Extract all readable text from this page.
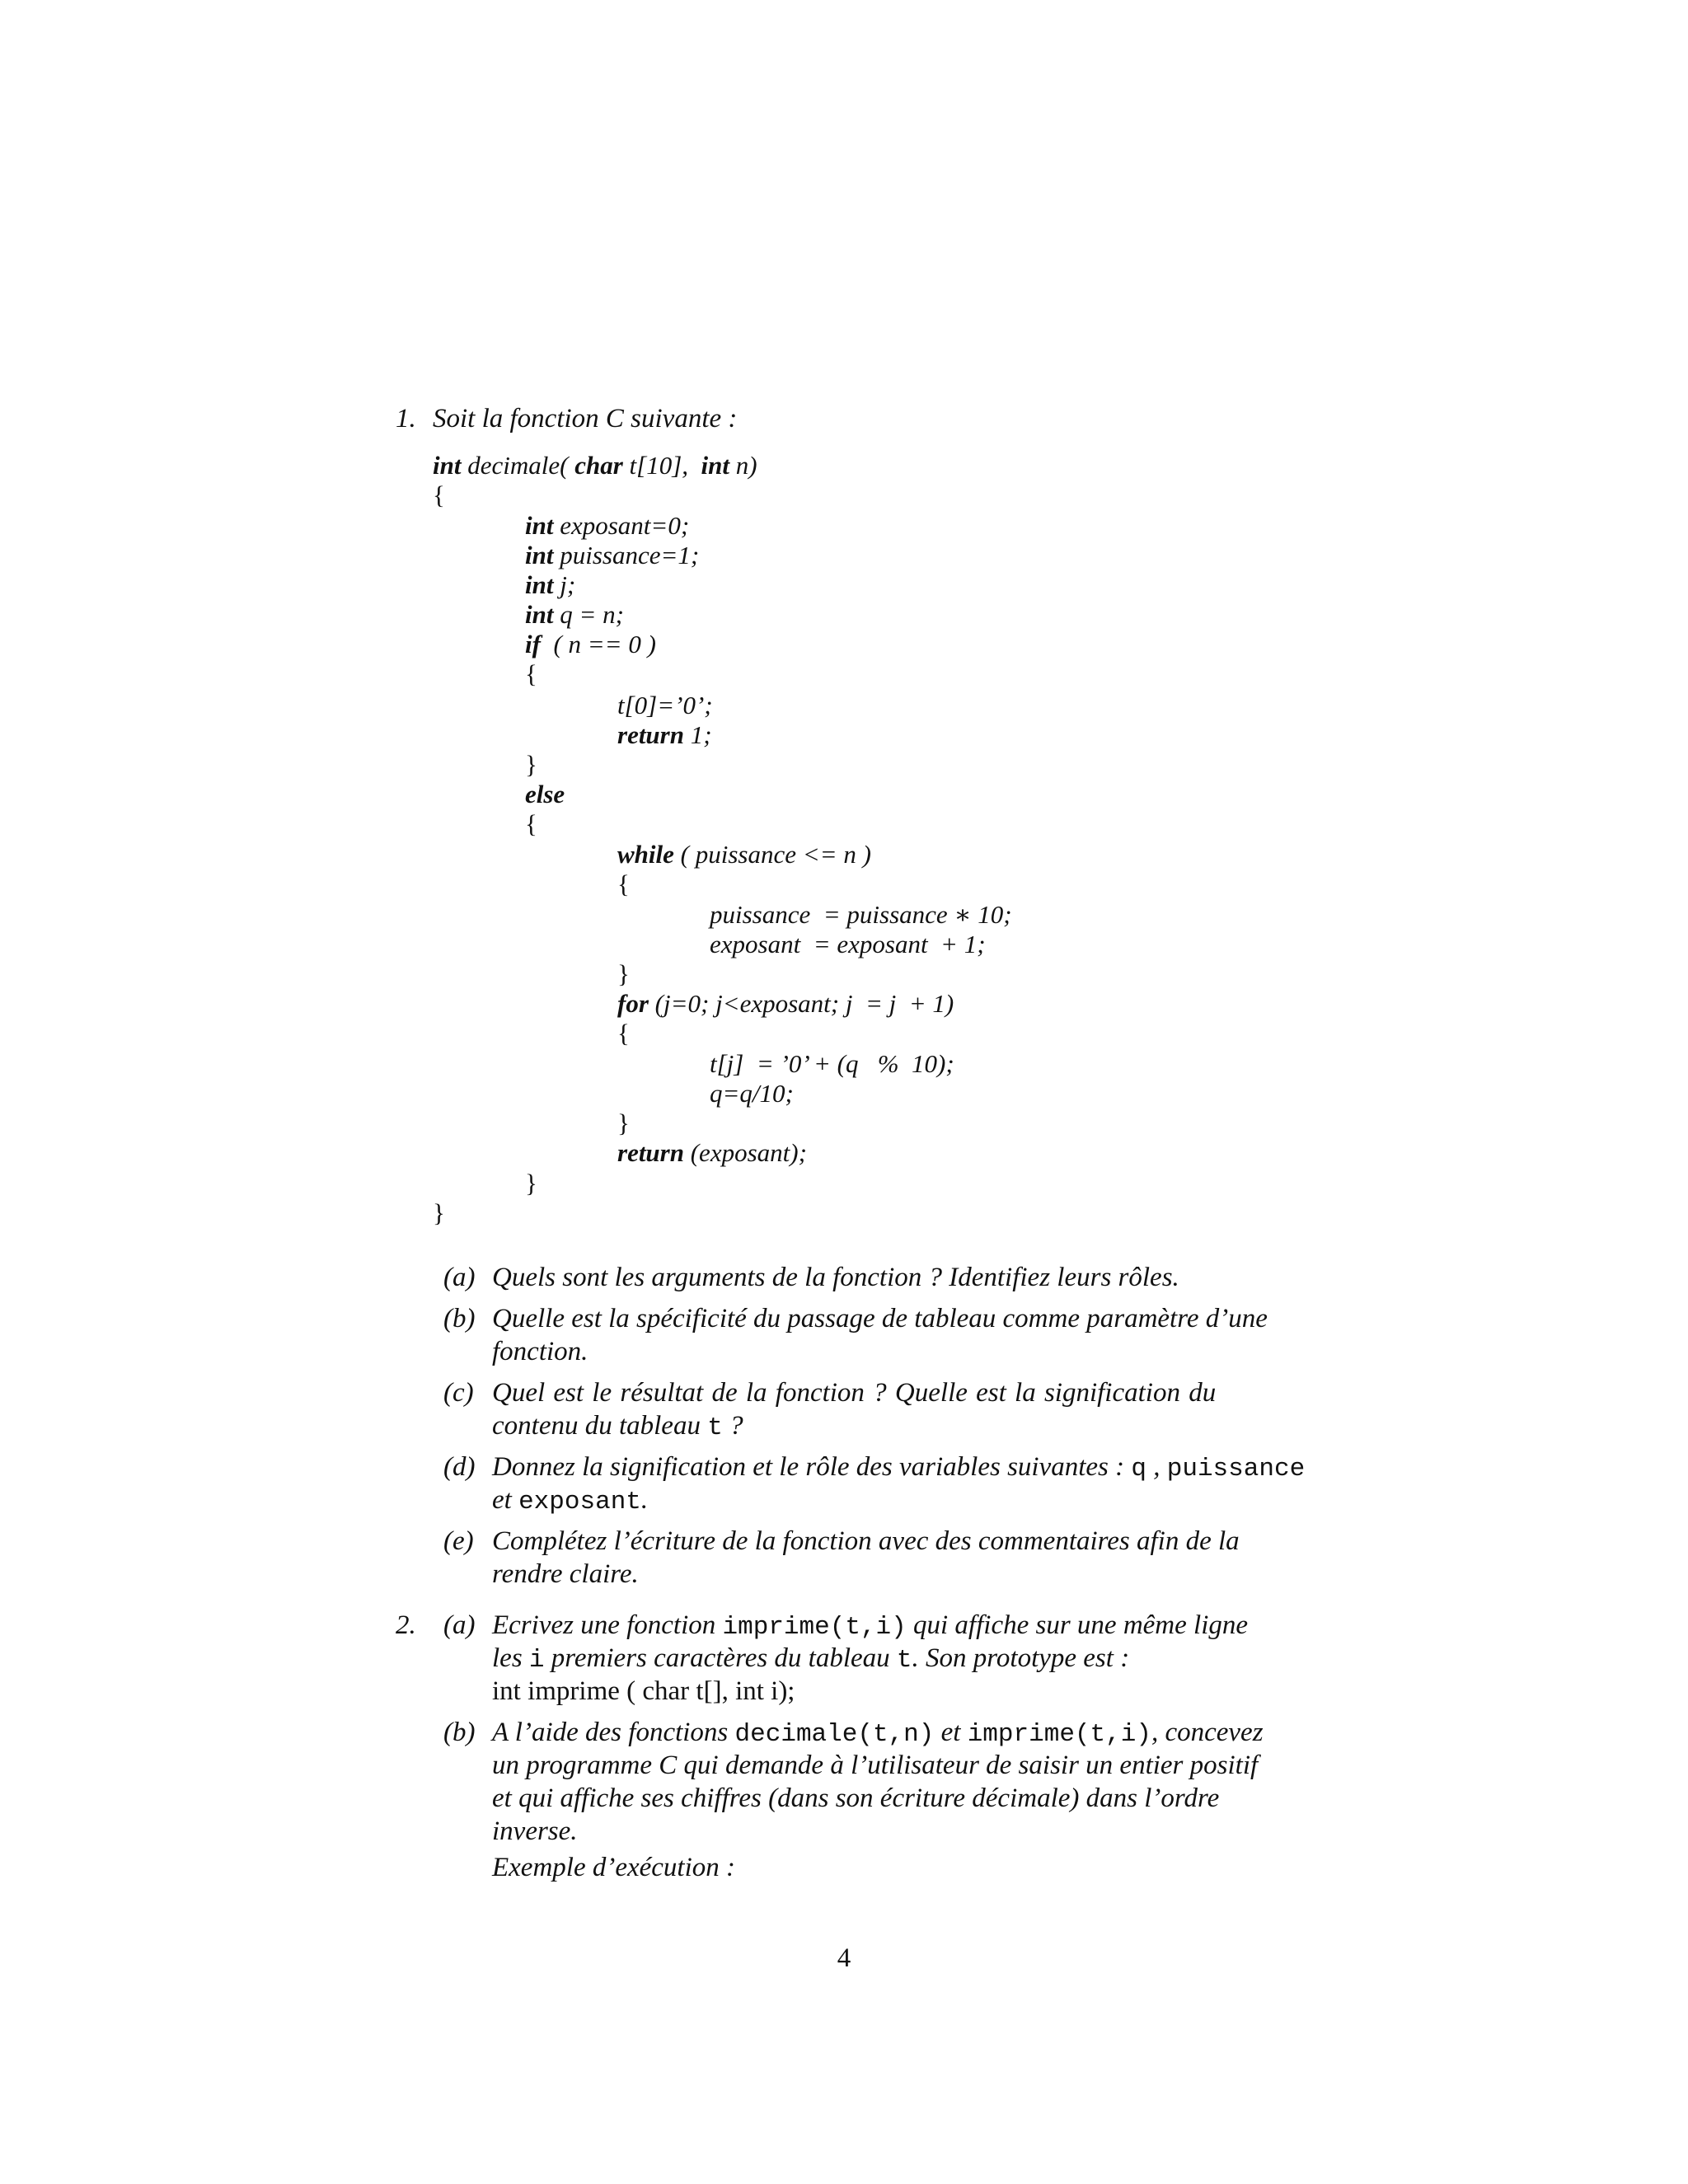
1. Soit la fonction C suivante :
int decimale( char t[10], int n)
{
int exposant=0;
int puissance=1;
int j;
int q = n;
if ( n == 0 )
{
t[0]=’0’;
return 1;
}
else
{
while ( puissance <= n )
{
puissance  = puissance ∗ 10;
exposant  = exposant  + 1;
}
for (j=0; j<exposant; j  = j  + 1)
{
t[j]  = ’0’ + (q   %  10);
q=q/10;
}
return (exposant);
}
}
(a) Quels sont les arguments de la fonction ? Identifiez leurs rôles.
(b) Quelle est la spécificité du passage de tableau comme paramètre d’une
fonction.
(c) Quel est le résultat de la fonction ? Quelle est la signification du
contenu du tableau t ?
(d) Donnez la signification et le rôle des variables suivantes : q , puissance
et exposant.
(e) Complétez l’écriture de la fonction avec des commentaires afin de la
rendre claire.
2. (a) Ecrivez une fonction imprime(t,i) qui affiche sur une même ligne
les i premiers caractères du tableau t. Son prototype est :
int imprime ( char t[], int i);
(b) A l’aide des fonctions decimale(t,n) et imprime(t,i), concevez
un programme C qui demande à l’utilisateur de saisir un entier positif
et qui affiche ses chiffres (dans son écriture décimale) dans l’ordre
inverse.
Exemple d’exécution :
4
